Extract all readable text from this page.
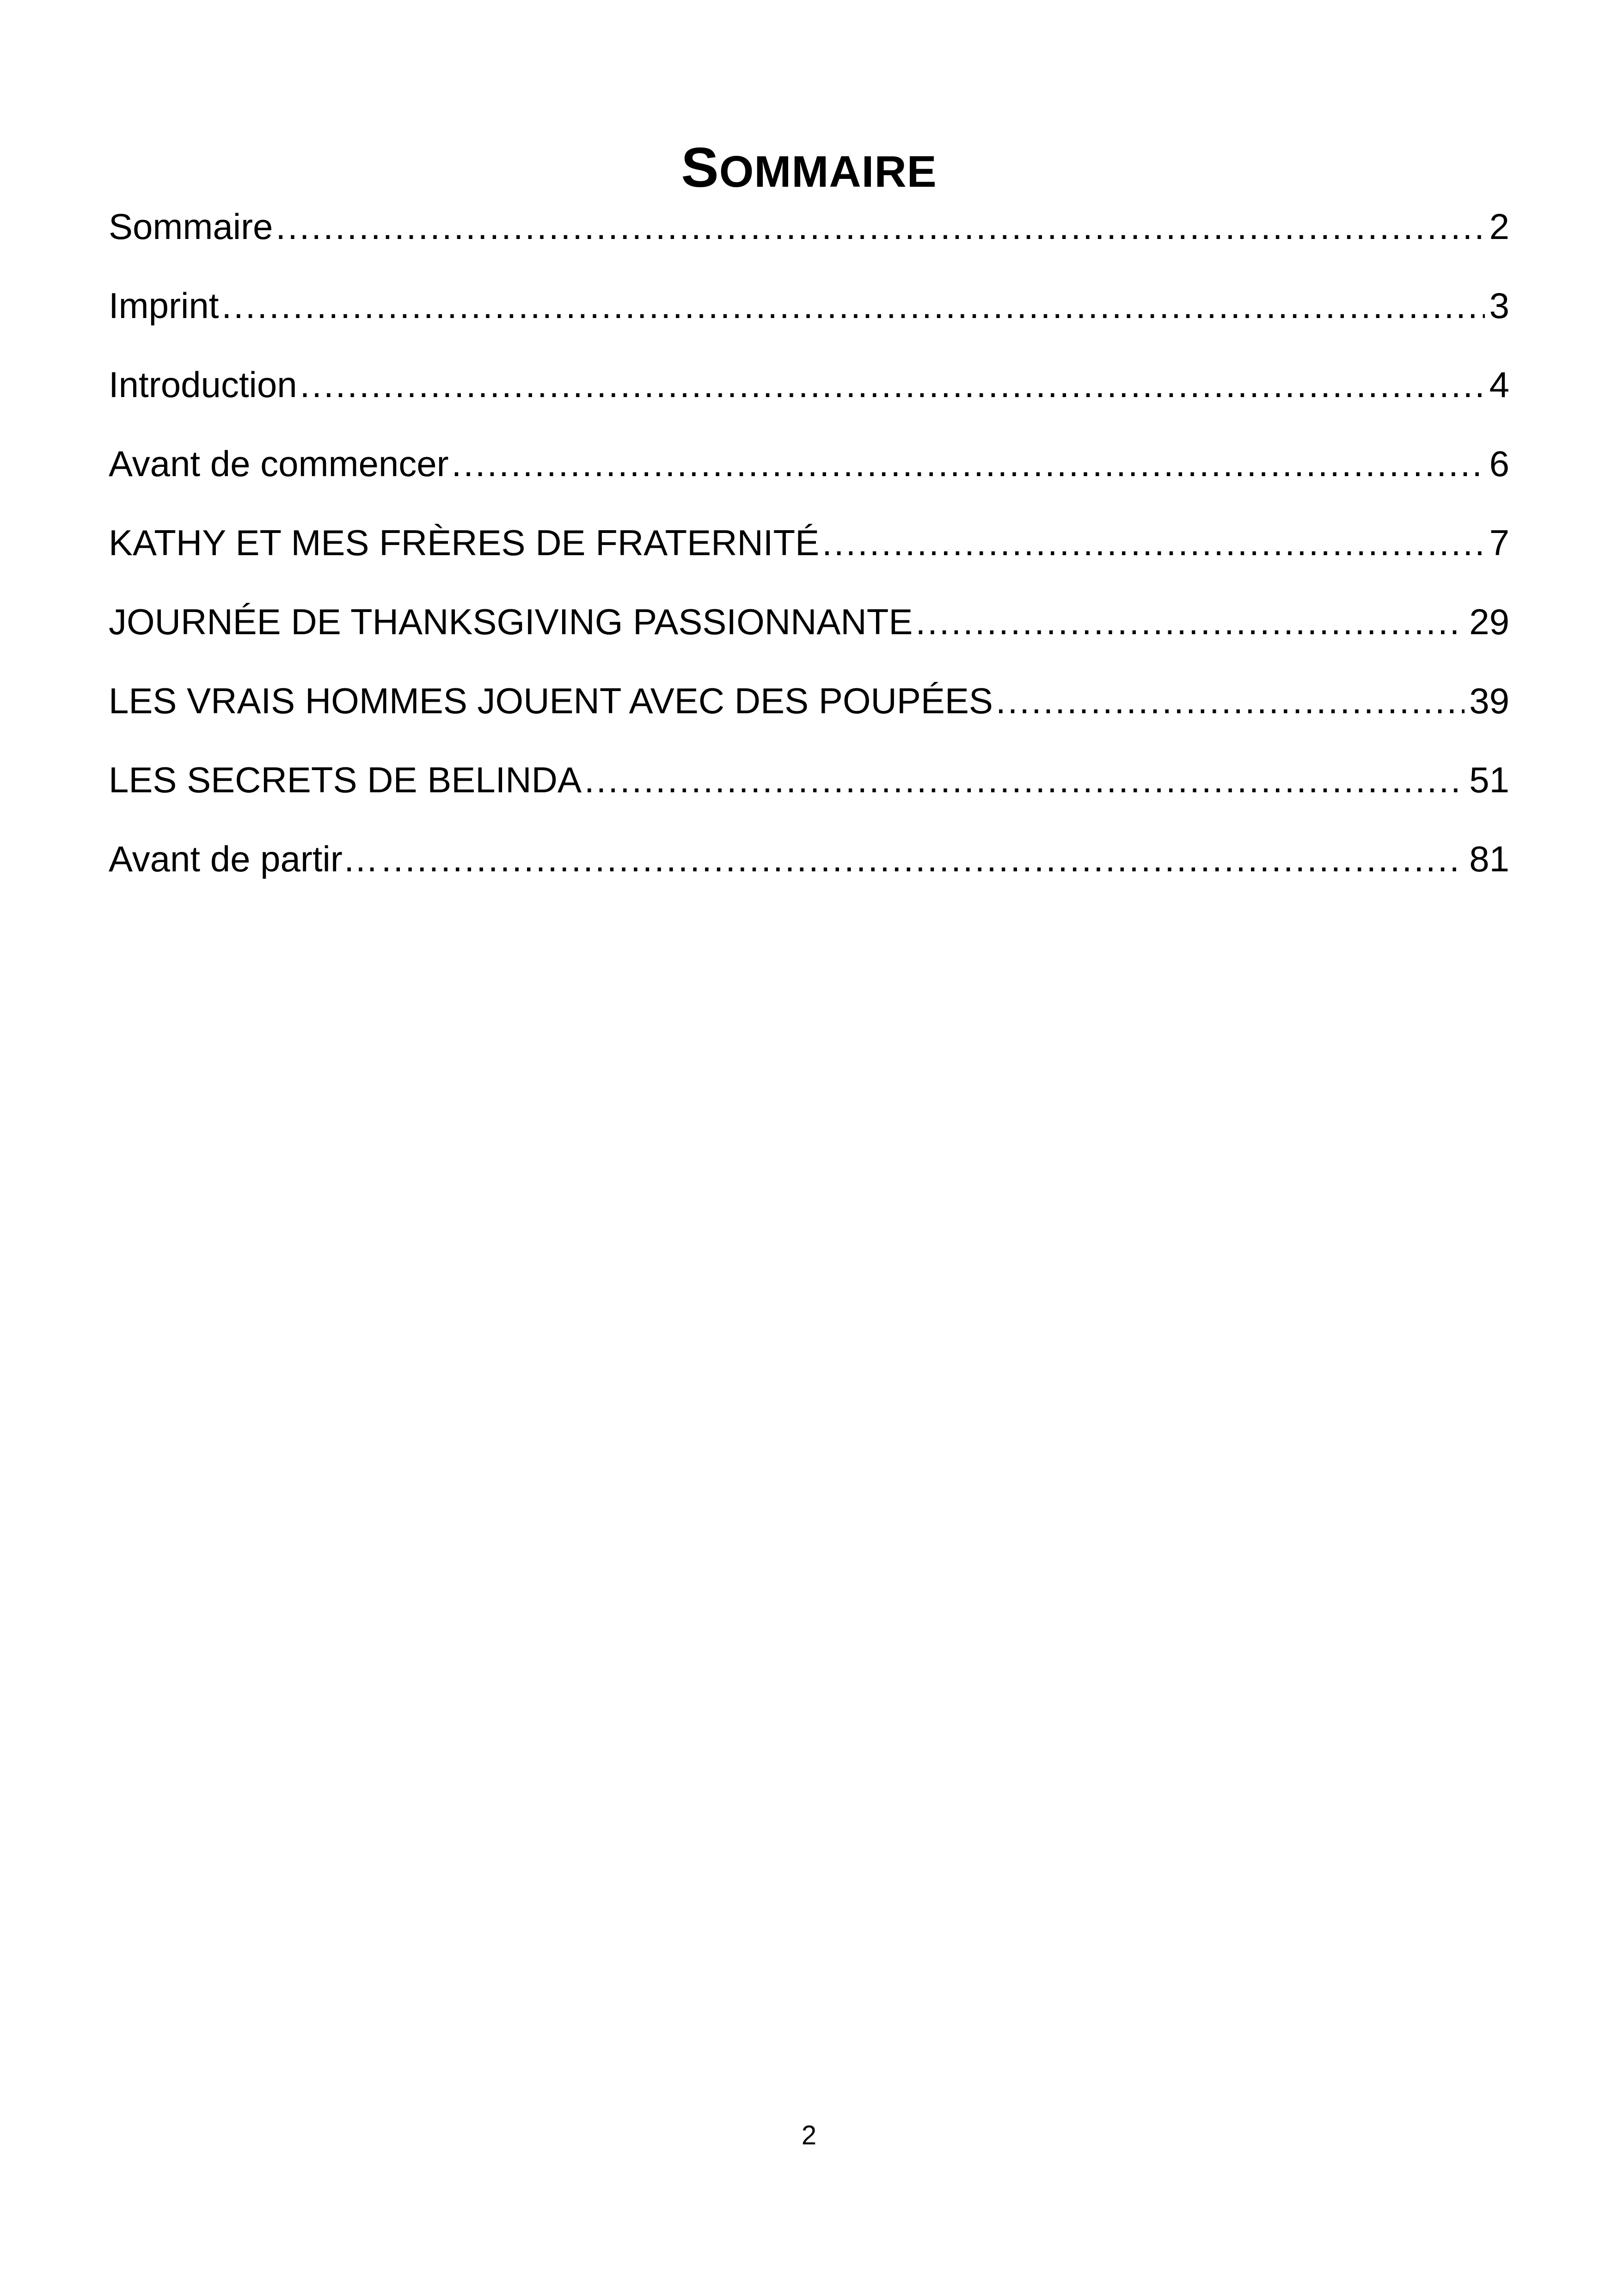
SOMMAIRE
Sommaire .....	2
Imprint .....	3
Introduction .....	4
Avant de commencer .....	6
KATHY ET MES FRÈRES DE FRATERNITÉ .....	7
JOURNÉE DE THANKSGIVING PASSIONNANTE .....	29
LES VRAIS HOMMES JOUENT AVEC DES POUPÉES .....	39
LES SECRETS DE BELINDA .....	51
Avant de partir… .....	81
2
